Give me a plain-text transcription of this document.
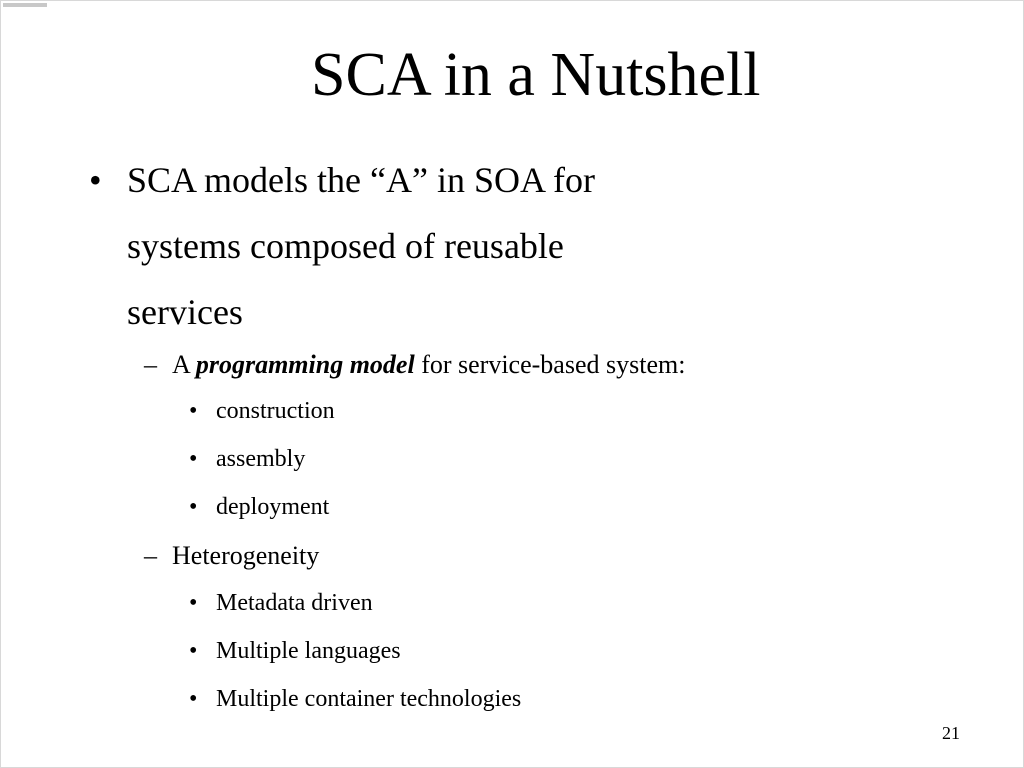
SCA in a Nutshell
• SCA models the “A” in SOA for
systems composed of reusable
services
– A programming model for service-based system:
• construction
• assembly
• deployment
– Heterogeneity
• Metadata driven
• Multiple languages
• Multiple container technologies
21
